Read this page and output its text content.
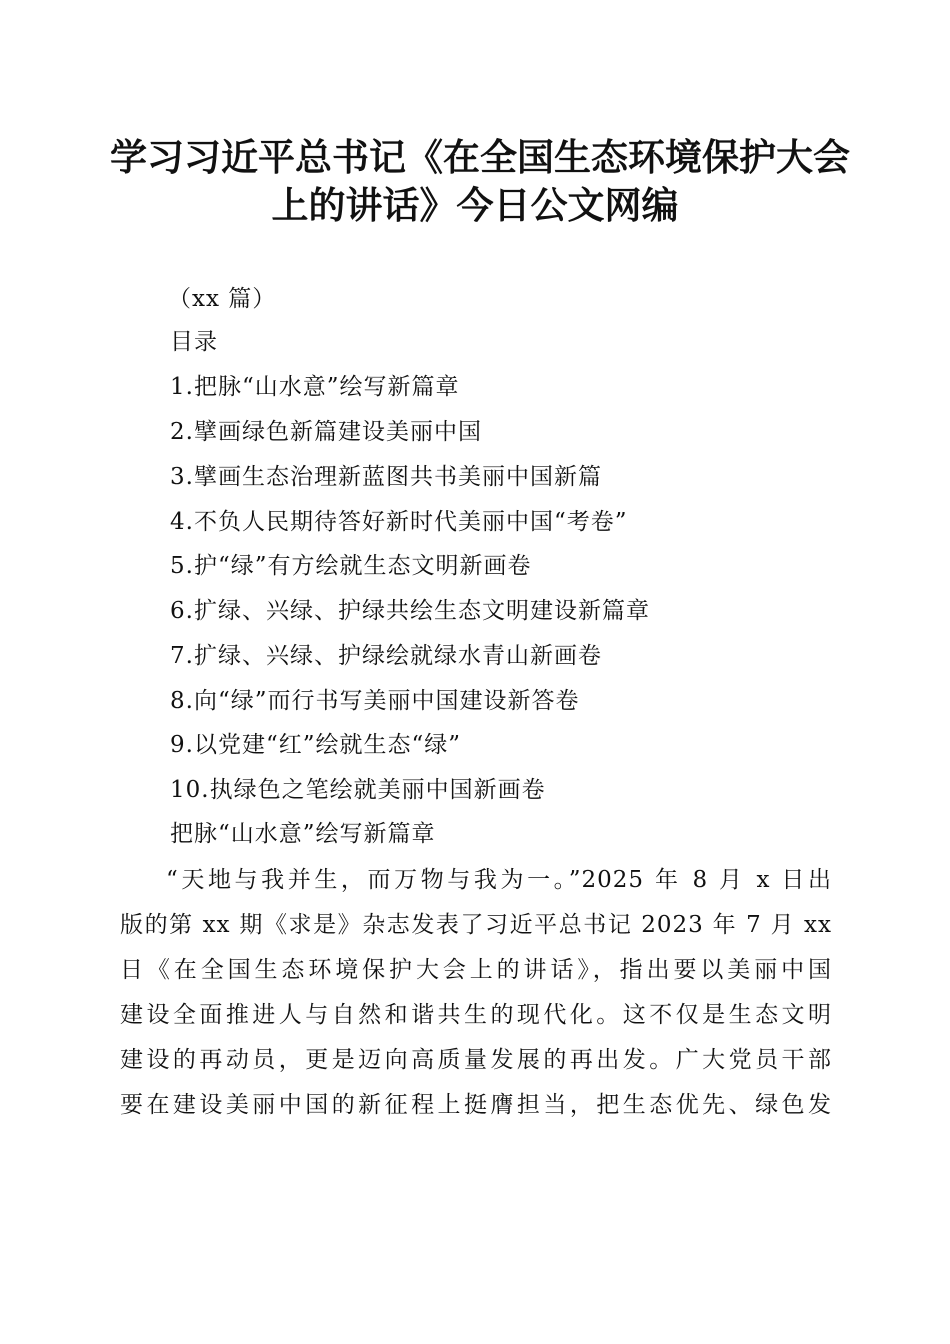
学习习近平总书记《在全国生态环境保护大会
上的讲话》今日公文网编
（xx 篇）
目录
1.把脉“山水意”绘写新篇章
2.擘画绿色新篇建设美丽中国
3.擘画生态治理新蓝图共书美丽中国新篇
4.不负人民期待答好新时代美丽中国“考卷”
5.护“绿”有方绘就生态文明新画卷
6.扩绿、兴绿、护绿共绘生态文明建设新篇章
7.扩绿、兴绿、护绿绘就绿水青山新画卷
8.向“绿”而行书写美丽中国建设新答卷
9.以党建“红”绘就生态“绿”
10.执绿色之笔绘就美丽中国新画卷
把脉“山水意”绘写新篇章
“天地与我并生，而万物与我为一。”2025 年 8 月 x 日出
版的第 xx 期《求是》杂志发表了习近平总书记 2023 年 7 月 xx
日《在全国生态环境保护大会上的讲话》，指出要以美丽中国
建设全面推进人与自然和谐共生的现代化。这不仅是生态文明
建设的再动员，更是迈向高质量发展的再出发。广大党员干部
要在建设美丽中国的新征程上挺膺担当，把生态优先、绿色发
